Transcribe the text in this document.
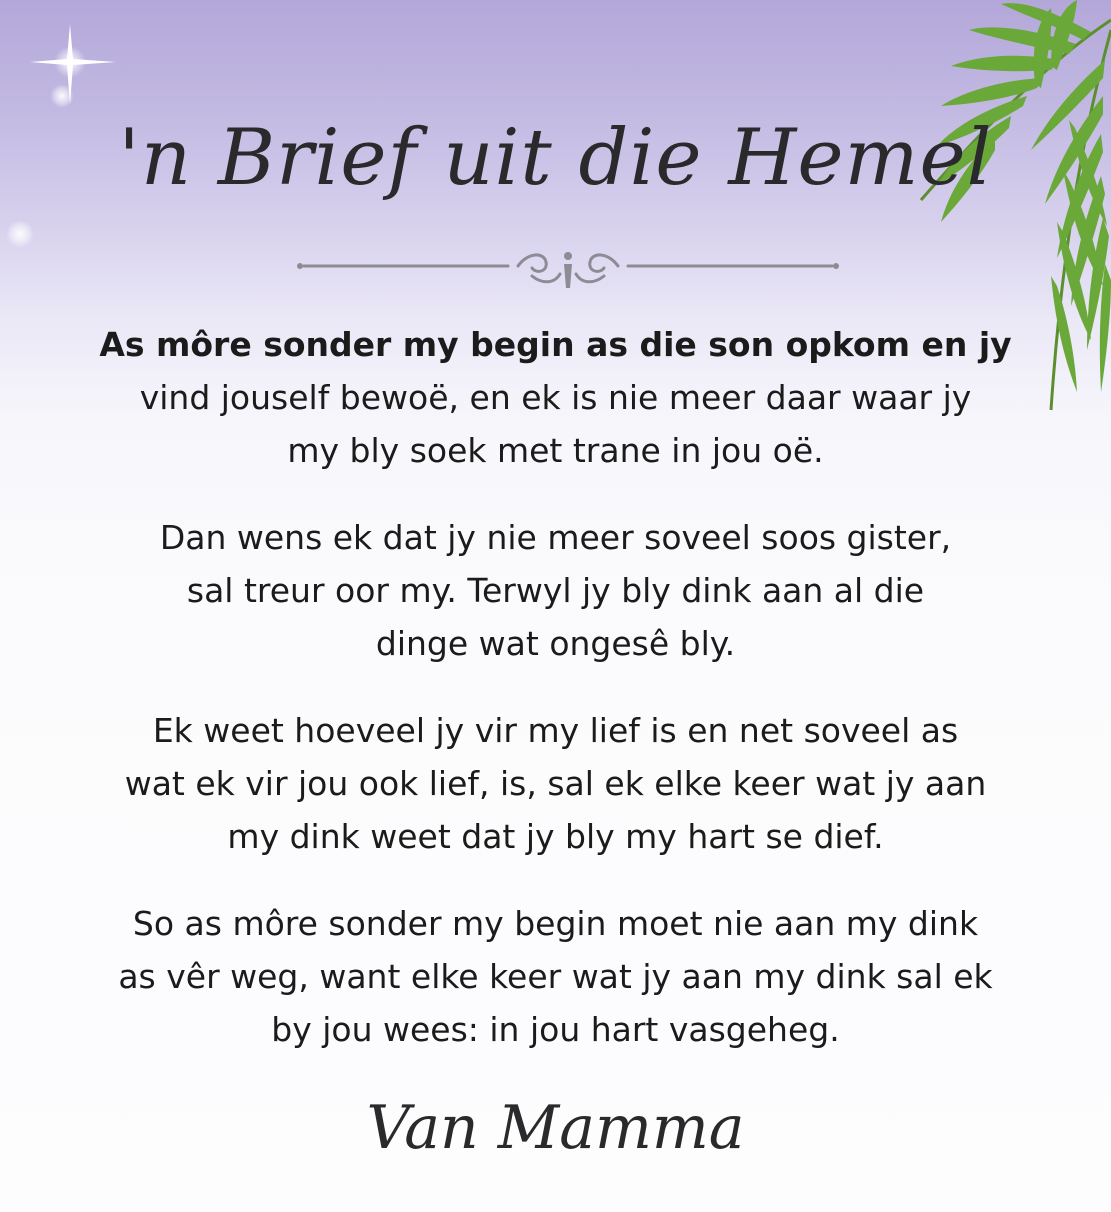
'n Brief uit die Hemel

As môre sonder my begin as die son opkom en jy
vind jouself bewoë, en ek is nie meer daar waar jy
my bly soek met trane in jou oë.

Dan wens ek dat jy nie meer soveel soos gister,
sal treur oor my. Terwyl jy bly dink aan al die
dinge wat ongesê bly.

Ek weet hoeveel jy vir my lief is en net soveel as
wat ek vir jou ook lief, is, sal ek elke keer wat jy aan
my dink weet dat jy bly my hart se dief.

So as môre sonder my begin moet nie aan my dink
as vêr weg, want elke keer wat jy aan my dink sal ek
by jou wees: in jou hart vasgeheg.

Van Mamma
